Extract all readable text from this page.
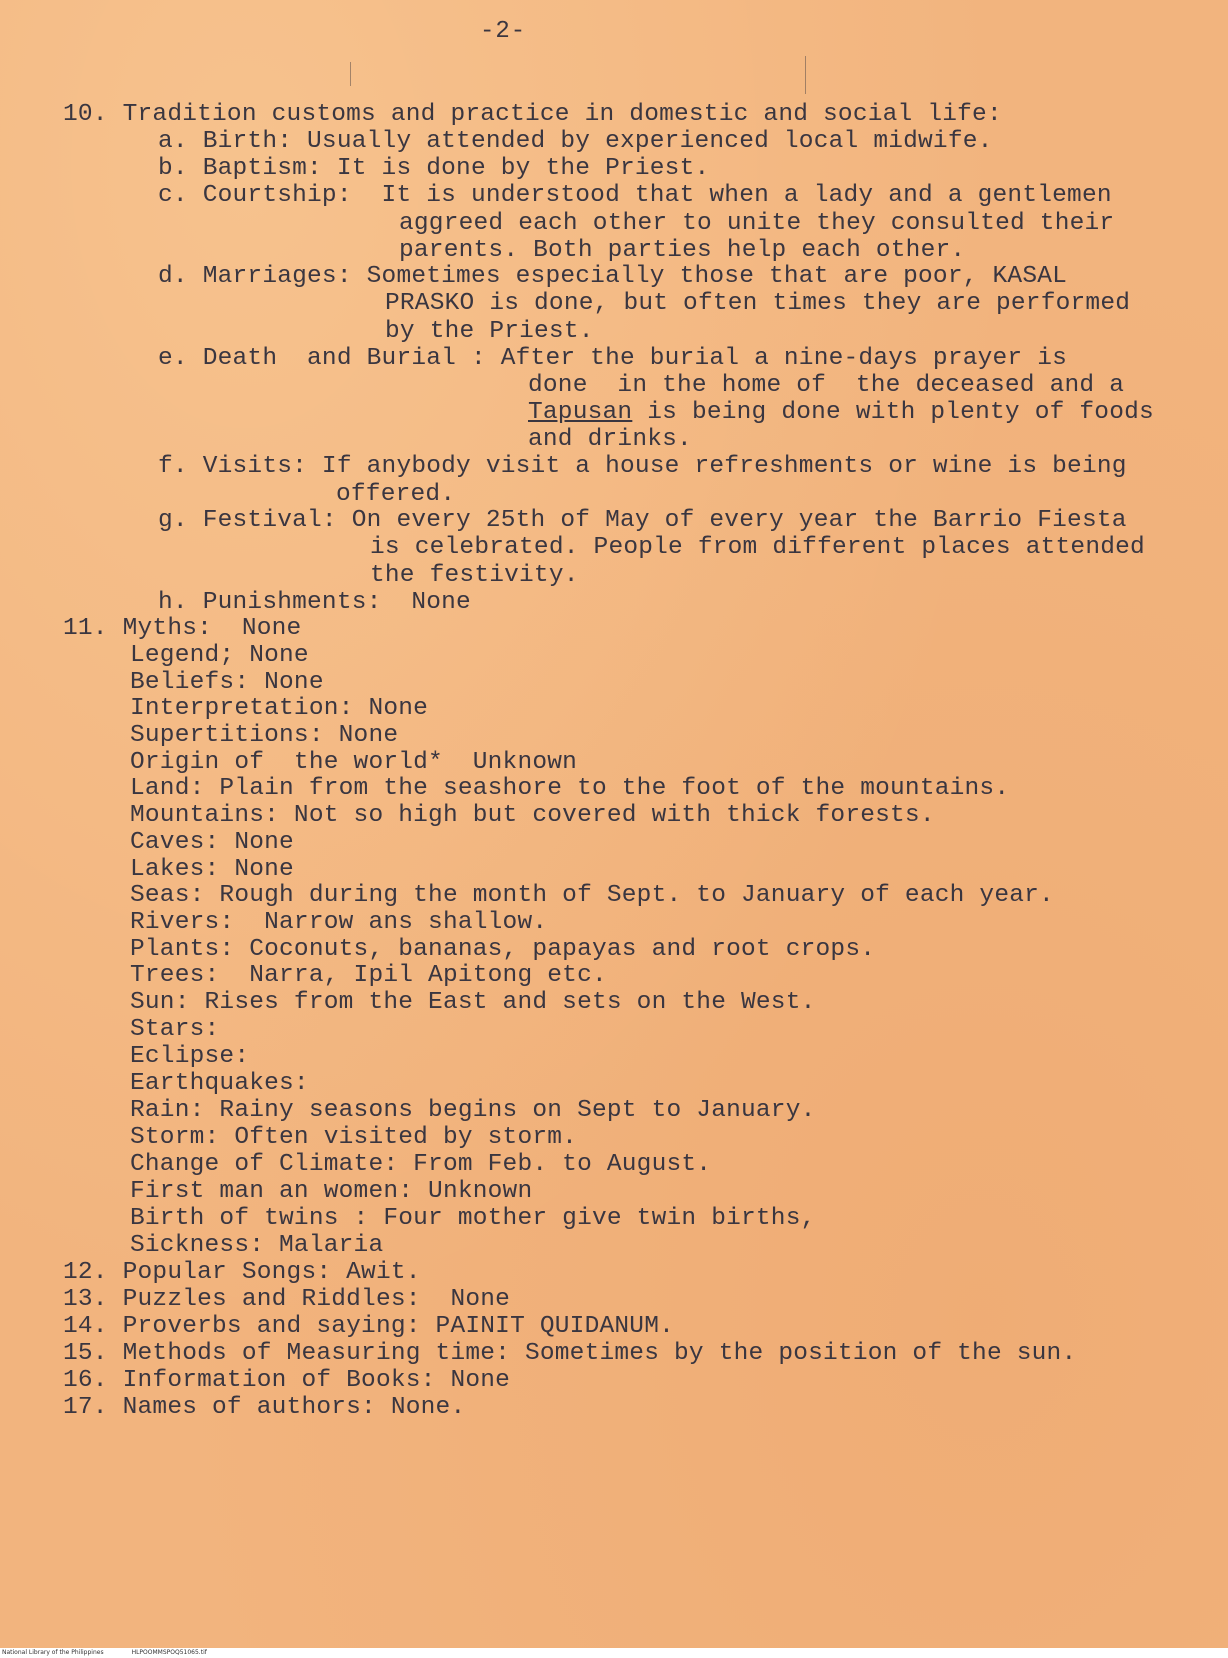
-2-
10. Tradition customs and practice in domestic and social life:
a. Birth: Usually attended by experienced local midwife.
b. Baptism: It is done by the Priest.
c. Courtship:  It is understood that when a lady and a gentlemen
aggreed each other to unite they consulted their
parents. Both parties help each other.
d. Marriages: Sometimes especially those that are poor, KASAL
PRASKO is done, but often times they are performed
by the Priest.
e. Death  and Burial : After the burial a nine-days prayer is
done  in the home of  the deceased and a
Tapusan is being done with plenty of foods
and drinks.
f. Visits: If anybody visit a house refreshments or wine is being
offered.
g. Festival: On every 25th of May of every year the Barrio Fiesta
is celebrated. People from different places attended
the festivity.
h. Punishments:  None
11. Myths:  None
Legend; None
Beliefs: None
Interpretation: None
Supertitions: None
Origin of  the world*  Unknown
Land: Plain from the seashore to the foot of the mountains.
Mountains: Not so high but covered with thick forests.
Caves: None
Lakes: None
Seas: Rough during the month of Sept. to January of each year.
Rivers:  Narrow ans shallow.
Plants: Coconuts, bananas, papayas and root crops.
Trees:  Narra, Ipil Apitong etc.
Sun: Rises from the East and sets on the West.
Stars:
Eclipse:
Earthquakes:
Rain: Rainy seasons begins on Sept to January.
Storm: Often visited by storm.
Change of Climate: From Feb. to August.
First man an women: Unknown
Birth of twins : Four mother give twin births,
Sickness: Malaria
12. Popular Songs: Awit.
13. Puzzles and Riddles:  None
14. Proverbs and saying: PAINIT QUIDANUM.
15. Methods of Measuring time: Sometimes by the position of the sun.
16. Information of Books: None
17. Names of authors: None.
National Library of the Philippines	HLPOOMMSPOQ51065.tif
